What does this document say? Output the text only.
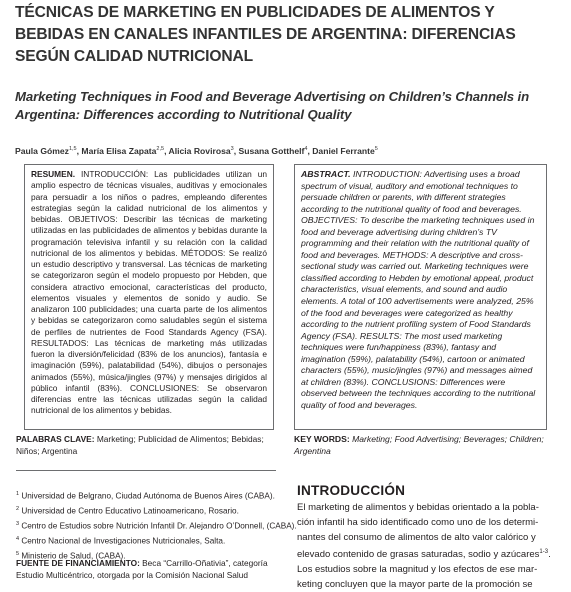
TÉCNICAS DE MARKETING EN PUBLICIDADES DE ALIMENTOS Y BEBIDAS EN CANALES INFANTILES DE ARGENTINA: DIFERENCIAS SEGÚN CALIDAD NUTRICIONAL
Marketing Techniques in Food and Beverage Advertising on Children’s Channels in Argentina: Differences according to Nutritional Quality
Paula Gómez$^{1,5}$, María Elisa Zapata$^{2,5}$, Alicia Rovirosa$^3$, Susana Gotthelf$^4$, Daniel Ferrante$^5$
RESUMEN. INTRODUCCIÓN: Las publicidades utilizan un amplio espectro de técnicas visuales, auditivas y emocionales para persuadir a los niños o padres, empleando diferentes estrategias según la calidad nutricional de los alimentos y bebidas. OBJETIVOS: Describir las técnicas de marketing utilizadas en las publicidades de alimentos y bebidas durante la programación televisiva infantil y su relación con la calidad nutricional de los alimentos y bebidas. MÉTODOS: Se realizó un estudio descriptivo y transversal. Las técnicas de marketing se categorizaron según el modelo propuesto por Hebden, que considera atractivo emocional, características del producto, elementos visuales y elementos de sonido y audio. Se analizaron 100 publicidades; una cuarta parte de los alimentos y bebidas se categorizaron como saludables según el sistema de perfiles de nutrientes de Food Standards Agency (FSA). RESULTADOS: Las técnicas de marketing más utilizadas fueron la diversión/felicidad (83% de los anuncios), fantasía e imaginación (59%), palatabilidad (54%), dibujos o personajes animados (55%), música/jingles (97%) y mensajes dirigidos al público infantil (83%). CONCLUSIONES: Se observaron diferencias entre las técnicas utilizadas según la calidad nutricional de los alimentos y bebidas.
ABSTRACT. INTRODUCTION: Advertising uses a broad spectrum of visual, auditory and emotional techniques to persuade children or parents, with different strategies according to the nutritional quality of food and beverages. OBJECTIVES: To describe the marketing techniques used in food and beverage advertising during children’s TV programming and their relation with the nutritional quality of food and beverages. METHODS: A descriptive and cross-sectional study was carried out. Marketing techniques were classified according to Hebden by emotional appeal, product characteristics, visual elements, and sound and audio elements. A total of 100 advertisements were analyzed, 25% of the food and beverages were categorized as healthy according to the nutrient profiling system of Food Standards Agency (FSA). RESULTS: The most used marketing techniques were fun/happiness (83%), fantasy and imagination (59%), palatability (54%), cartoon or animated characters (55%), music/jingles (97%) and messages aimed at children (83%). CONCLUSIONS: Differences were observed between the techniques according to the nutritional quality of food and beverages.
PALABRAS CLAVE: Marketing; Publicidad de Alimentos; Bebidas; Niños; Argentina
KEY WORDS: Marketing; Food Advertising; Beverages; Children; Argentina
$^1$ Universidad de Belgrano, Ciudad Autónoma de Buenos Aires (CABA).
$^2$ Universidad de Centro Educativo Latinoamericano, Rosario.
$^3$ Centro de Estudios sobre Nutrición Infantil Dr. Alejandro O’Donnell, (CABA).
$^4$ Centro Nacional de Investigaciones Nutricionales, Salta.
$^5$ Ministerio de Salud, (CABA).
FUENTE DE FINANCIAMIENTO: Beca “Carrillo-Oñativia”, categoría Estudio Multicéntrico, otorgada por la Comisión Nacional Salud
INTRODUCCIÓN
El marketing de alimentos y bebidas orientado a la pobla-
ción infantil ha sido identificado como uno de los determi-
nantes del consumo de alimentos de alto valor calórico y
elevado contenido de grasas saturadas, sodio y azúcares$^{1-3}$.
Los estudios sobre la magnitud y los efectos de ese mar-
keting concluyen que la mayor parte de la promoción se
